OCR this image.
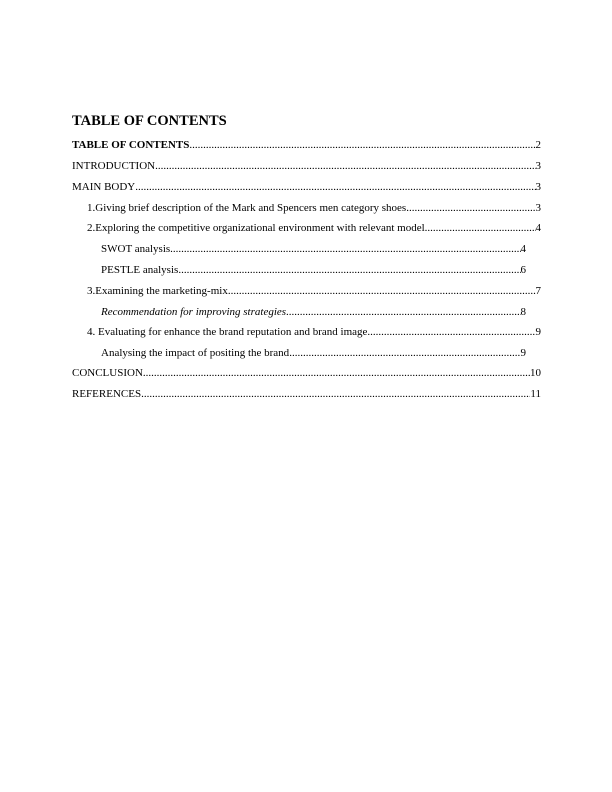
TABLE OF CONTENTS
TABLE OF CONTENTS .....	2
INTRODUCTION .....	3
MAIN BODY .....	3
1.Giving brief description of the Mark and Spencers men category shoes .....	3
2.Exploring the competitive organizational environment with relevant model .....	4
SWOT analysis .....	4
PESTLE analysis .....	6
3.Examining the marketing-mix .....	7
Recommendation for improving strategies .....	8
4. Evaluating for enhance the brand reputation and brand image .....	9
Analysing the impact of positing the brand .....	9
CONCLUSION .....	10
REFERENCES .....	11
